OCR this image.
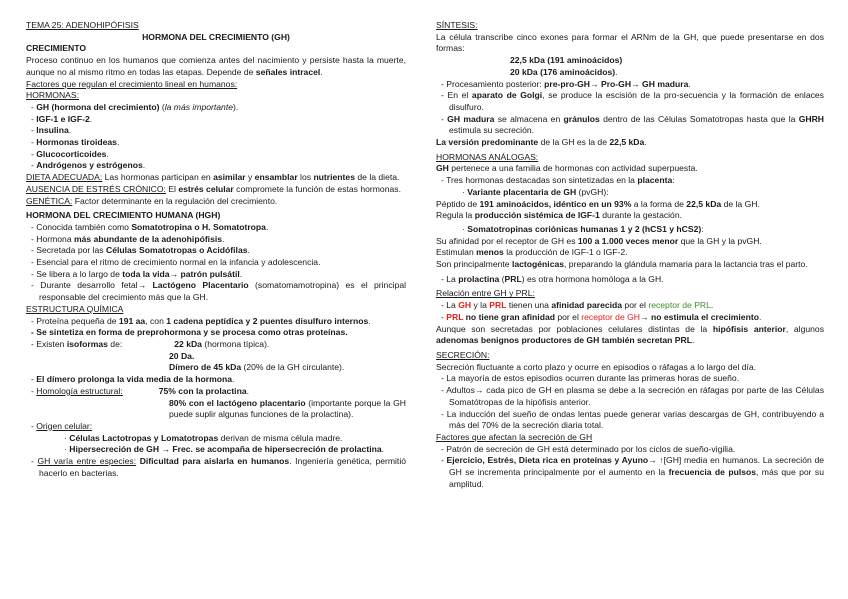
TEMA 25: ADENOHIPÓFISIS

HORMONA DEL CRECIMIENTO (GH)

CRECIMIENTO

Proceso continuo en los humanos que comienza antes del nacimiento y persiste hasta la muerte, aunque no al mismo ritmo en todas las etapas. Depende de señales intracel.

Factores que regulan el crecimiento lineal en humanos:

HORMONAS:

- GH (hormona del crecimiento) (la más importante).

- IGF-1 e IGF-2.

- Insulina.

- Hormonas tiroideas.

- Glucocorticoides.

- Andrógenos y estrógenos.

DIETA ADECUADA: Las hormonas participan en asimilar y ensamblar los nutrientes de la dieta.

AUSENCIA DE ESTRÉS CRÓNICO: El estrés celular compromete la función de estas hormonas.

GENÉTICA: Factor determinante en la regulación del crecimiento.

HORMONA DEL CRECIMIENTO HUMANA (HGH)

- Conocida también como Somatotropina o H. Somatotropa.

- Hormona más abundante de la adenohipófisis.

- Secretada por las Células Somatotropas o Acidófilas.

- Esencial para el ritmo de crecimiento normal en la infancia y adolescencia.

- Se libera a lo largo de toda la vida→ patrón pulsátil.

- Durante desarrollo fetal→ Lactógeno Placentario (somatomamotropina) es el principal responsable del crecimiento más que la GH.

ESTRUCTURA QUÍMICA

- Proteína pequeña de 191 aa, con 1 cadena peptídica y 2 puentes disulfuro internos.

- Se sintetiza en forma de preprohormona y se procesa como otras proteínas.

- Existen isoformas de:	22 kDa (hormona típica).

20 Da.

Dímero de 45 kDa (20% de la GH circulante).

- El dímero prolonga la vida media de la hormona.

- Homología estructural:	75% con la prolactina.

80% con el lactógeno placentario (importante porque la GH puede suplir algunas funciones de la prolactina).

- Origen celular:

· Células Lactotropas y Lomatotropas derivan de misma célula madre.

· Hipersecreción de GH → Frec. se acompaña de hipersecreción de prolactina.

- GH varía entre especies: Dificultad para aislarla en humanos. Ingeniería genética, permitió hacerlo en bacterias.

SÍNTESIS:

La célula transcribe cinco exones para formar el ARNm de la GH, que puede presentarse en dos formas:

22,5 kDa (191 aminoácidos)

20 kDa (176 aminoácidos).

- Procesamiento posterior: pre-pro-GH→ Pro-GH→ GH madura.

- En el aparato de Golgi, se produce la escisión de la pro-secuencia y la formación de enlaces disulfuro.

- GH madura se almacena en gránulos dentro de las Células Somatotropas hasta que la GHRH estimula su secreción.

La versión predominante de la GH es la de 22,5 kDa.

HORMONAS ANÁLOGAS:

GH pertenece a una familia de hormonas con actividad superpuesta.

- Tres hormonas destacadas son sintetizadas en la placenta:

· Variante placentaria de GH (pvGH):

Péptido de 191 aminoácidos, idéntico en un 93% a la forma de 22,5 kDa de la GH.

Regula la producción sistémica de IGF-1 durante la gestación.

· Somatotropinas coriónicas humanas 1 y 2 (hCS1 y hCS2):

Su afinidad por el receptor de GH es 100 a 1.000 veces menor que la GH y la pvGH.

Estimulan menos la producción de IGF-1 o IGF-2.

Son principalmente lactogénicas, preparando la glándula mamaria para la lactancia tras el parto.

- La prolactina (PRL) es otra hormona homóloga a la GH.

Relación entre GH y PRL:

- La GH y la PRL tienen una afinidad parecida por el receptor de PRL.

- PRL no tiene gran afinidad por el receptor de GH→ no estimula el crecimiento.

Aunque son secretadas por poblaciones celulares distintas de la hipófisis anterior, algunos adenomas benignos productores de GH también secretan PRL.

SECRECIÓN:

Secreción fluctuante a corto plazo y ocurre en episodios o ráfagas a lo largo del día.

- La mayoría de estos episodios ocurren durante las primeras horas de sueño.

- Adultos→ cada pico de GH en plasma se debe a la secreción en ráfagas por parte de las Células Somatótropas de la hipófisis anterior.

- La inducción del sueño de ondas lentas puede generar varias descargas de GH, contribuyendo a más del 70% de la secreción diaria total.

Factores que afectan la secreción de GH

- Patrón de secreción de GH está determinado por los ciclos de sueño-vigilia.

- Ejercicio, Estrés, Dieta rica en proteínas y Ayuno→ ↑[GH] media en humanos. La secreción de GH se incrementa principalmente por el aumento en la frecuencia de pulsos, más que por su amplitud.
